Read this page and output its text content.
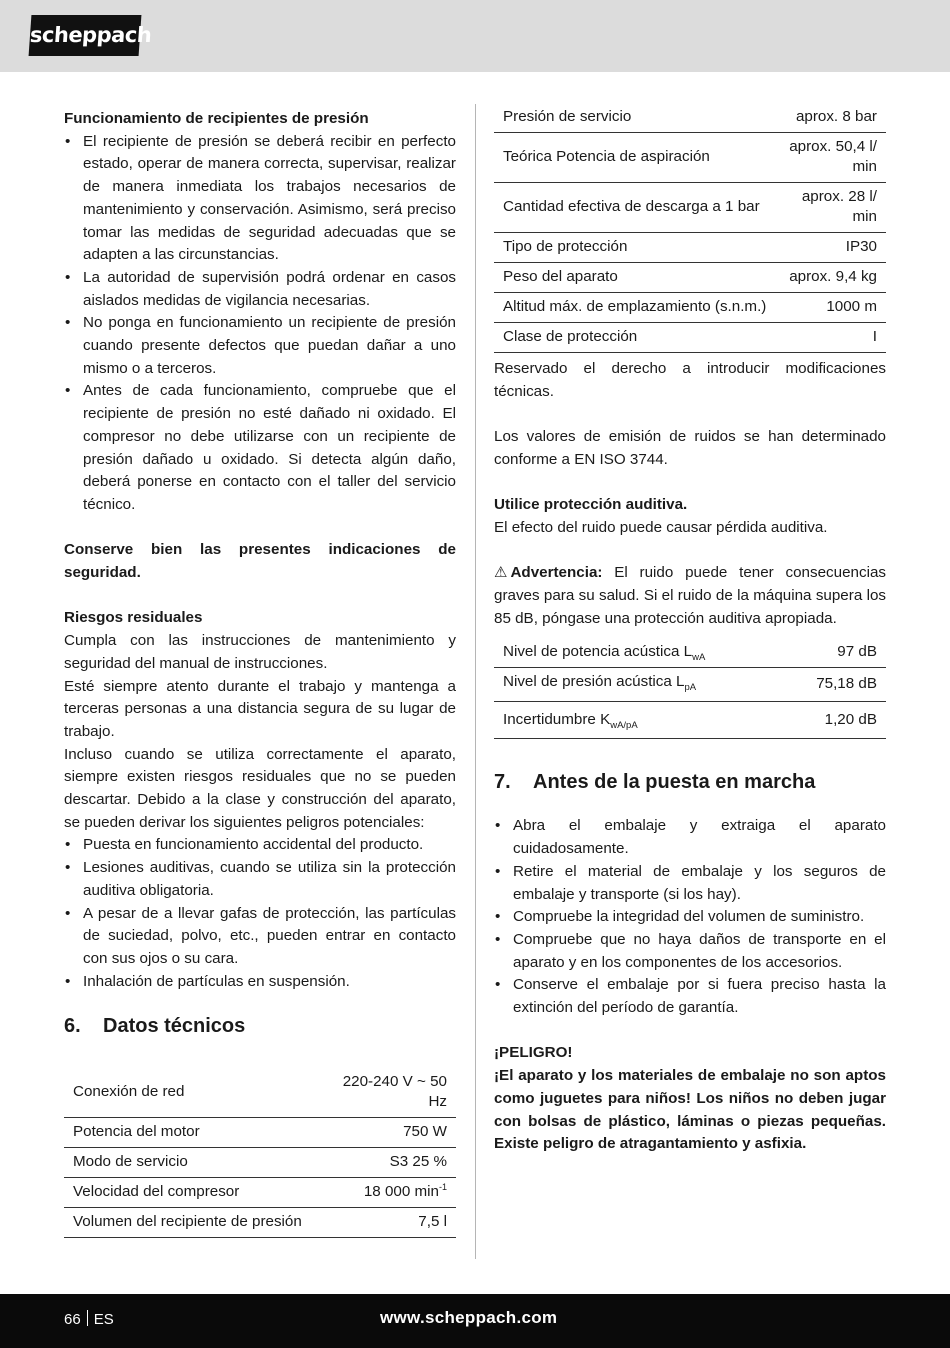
scheppach

Funcionamiento de recipientes de presión

• El recipiente de presión se deberá recibir en perfecto estado, operar de manera correcta, supervisar, realizar de manera inmediata los trabajos necesarios de mantenimiento y conservación. Asimismo, será preciso tomar las medidas de seguridad adecuadas que se adapten a las circunstancias.
• La autoridad de supervisión podrá ordenar en casos aislados medidas de vigilancia necesarias.
• No ponga en funcionamiento un recipiente de presión cuando presente defectos que puedan dañar a uno mismo o a terceros.
• Antes de cada funcionamiento, compruebe que el recipiente de presión no esté dañado ni oxidado. El compresor no debe utilizarse con un recipiente de presión dañado u oxidado. Si detecta algún daño, deberá ponerse en contacto con el taller del servicio técnico.

Conserve bien las presentes indicaciones de seguridad.

Riesgos residuales

Cumpla con las instrucciones de mantenimiento y seguridad del manual de instrucciones.

Esté siempre atento durante el trabajo y mantenga a terceras personas a una distancia segura de su lugar de trabajo.

Incluso cuando se utiliza correctamente el aparato, siempre existen riesgos residuales que no se pueden descartar. Debido a la clase y construcción del aparato, se pueden derivar los siguientes peligros potenciales:

• Puesta en funcionamiento accidental del producto.
• Lesiones auditivas, cuando se utiliza sin la protección auditiva obligatoria.
• A pesar de a llevar gafas de protección, las partículas de suciedad, polvo, etc., pueden entrar en contacto con sus ojos o su cara.
• Inhalación de partículas en suspensión.
6.	Datos técnicos
Conexión de red	220-240 V ~ 50 Hz
Potencia del motor	750 W
Modo de servicio	S3 25 %
Velocidad del compresor	18 000 $\min^{-1}$
Volumen del recipiente de presión	7,5 l
Presión de servicio	aprox. 8 bar
Teórica Potencia de aspiración	aprox. 50,4 l/ min
Cantidad efectiva de descarga a 1 bar	aprox. 28 l/ min
Tipo de protección	IP30
Peso del aparato	aprox. 9,4 kg
Altitud máx. de emplazamiento (s.n.m.)	1000 m
Clase de protección	I

Reservado el derecho a introducir modificaciones técnicas.

Los valores de emisión de ruidos se han determinado conforme a EN ISO 3744.

Utilice protección auditiva.

El efecto del ruido puede causar pérdida auditiva.

⚠ Advertencia: El ruido puede tener consecuencias graves para su salud. Si el ruido de la máquina supera los 85 dB, póngase una protección auditiva apropiada.

Nivel de potencia acústica $L_{wA}$	97 dB
Nivel de presión acústica $L_{pA}$	75,18 dB
Incertidumbre $K_{wA/pA}$	1,20 dB
7.	Antes de la puesta en marcha
• Abra el embalaje y extraiga el aparato cuidadosamente.
• Retire el material de embalaje y los seguros de embalaje y transporte (si los hay).
• Compruebe la integridad del volumen de suministro.
• Compruebe que no haya daños de transporte en el aparato y en los componentes de los accesorios.
• Conserve el embalaje por si fuera preciso hasta la extinción del período de garantía.

¡PELIGRO!

¡El aparato y los materiales de embalaje no son aptos como juguetes para niños! Los niños no deben jugar con bolsas de plástico, láminas o piezas pequeñas. Existe peligro de atragantamiento y asfixia.

66 ES	www.scheppach.com
